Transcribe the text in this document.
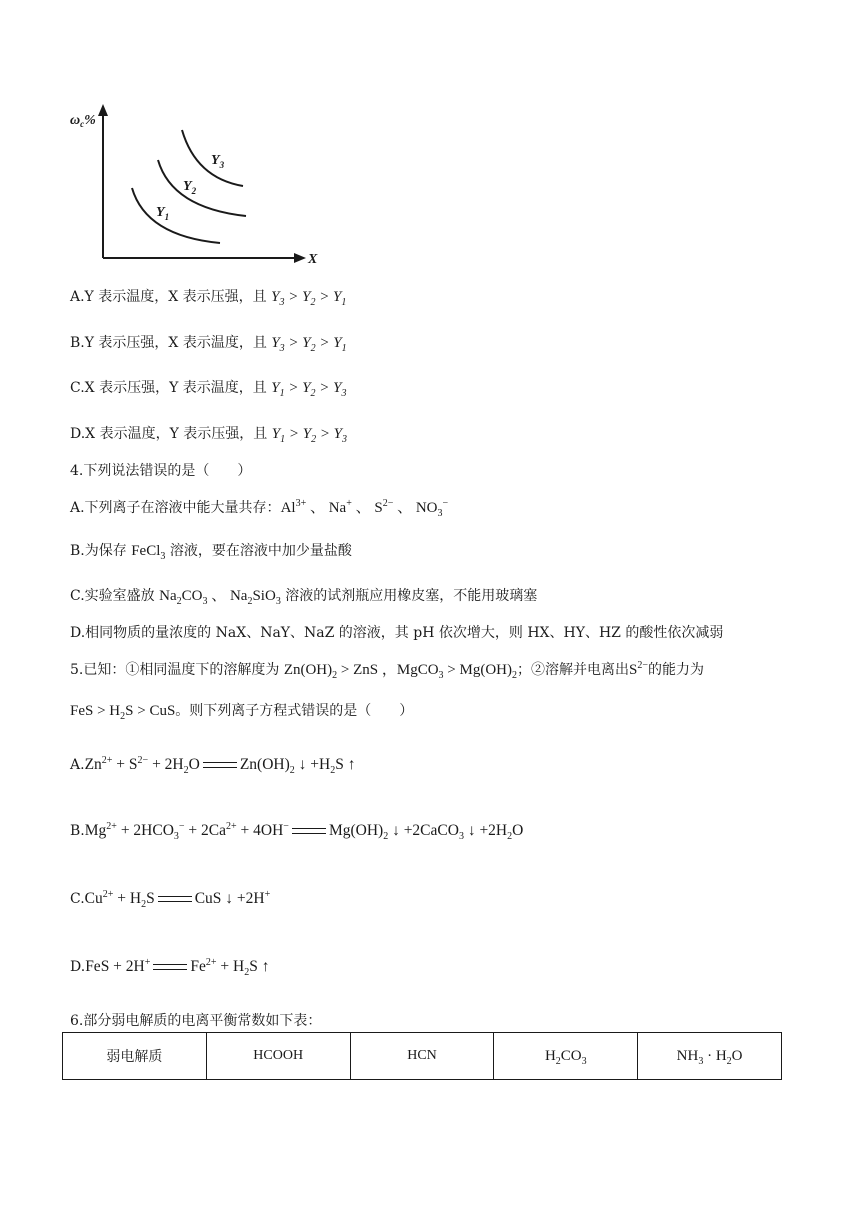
$\omega_c\%$
X
$Y_1$
$Y_2$
$Y_3$
A.Y 表示温度，X 表示压强，且 $Y_3 > Y_2 > Y_1$
B.Y 表示压强，X 表示温度，且 $Y_3 > Y_2 > Y_1$
C.X 表示压强，Y 表示温度，且 $Y_1 > Y_2 > Y_3$
D.X 表示温度，Y 表示压强，且 $Y_1 > Y_2 > Y_3$
4.下列说法错误的是（　　）
A.下列离子在溶液中能大量共存：$Al^{3+}$ 、 Na+ 、 $S^{2-}$ 、 $NO_3^-$
B.为保存 FeCl$_3$ 溶液，要在溶液中加少量盐酸
C.实验室盛放 $Na_2CO_3$ 、 $Na_2SiO_3$ 溶液的试剂瓶应用橡皮塞，不能用玻璃塞
D.相同物质的量浓度的 NaX、NaY、NaZ 的溶液，其 pH 依次增大，则 HX、HY、HZ 的酸性依次减弱
5.已知：①相同温度下的溶解度为 $Zn(OH)_2$ > ZnS ，MgCO$_3$ > $Mg(OH)_2$；②溶解并电离出$S^{2-}$的能力为
FeS > $H_2S$ > CuS。则下列离子方程式错误的是（　　）
$A.Zn^{2+} + S^{2-} + 2H_2O$	$Zn(OH)_2$ ↓ $+H_2S$ ↑
$B.Mg^{2+} + 2HCO_3^- + 2Ca^{2+} + 4OH^-$	$Mg(OH)_2$ ↓ +2CaCO$_3$ ↓ $+2H_2O$
$C.Cu^{2+} + H_2S$	CuS ↓ +2H+
D.FeS + 2H+	$Fe^{2+} + H_2S$ ↑
6.部分弱电解质的电离平衡常数如下表：
弱电解质	HCOOH	HCN	$H_2CO_3$	$NH_3 \cdot H_2O$
